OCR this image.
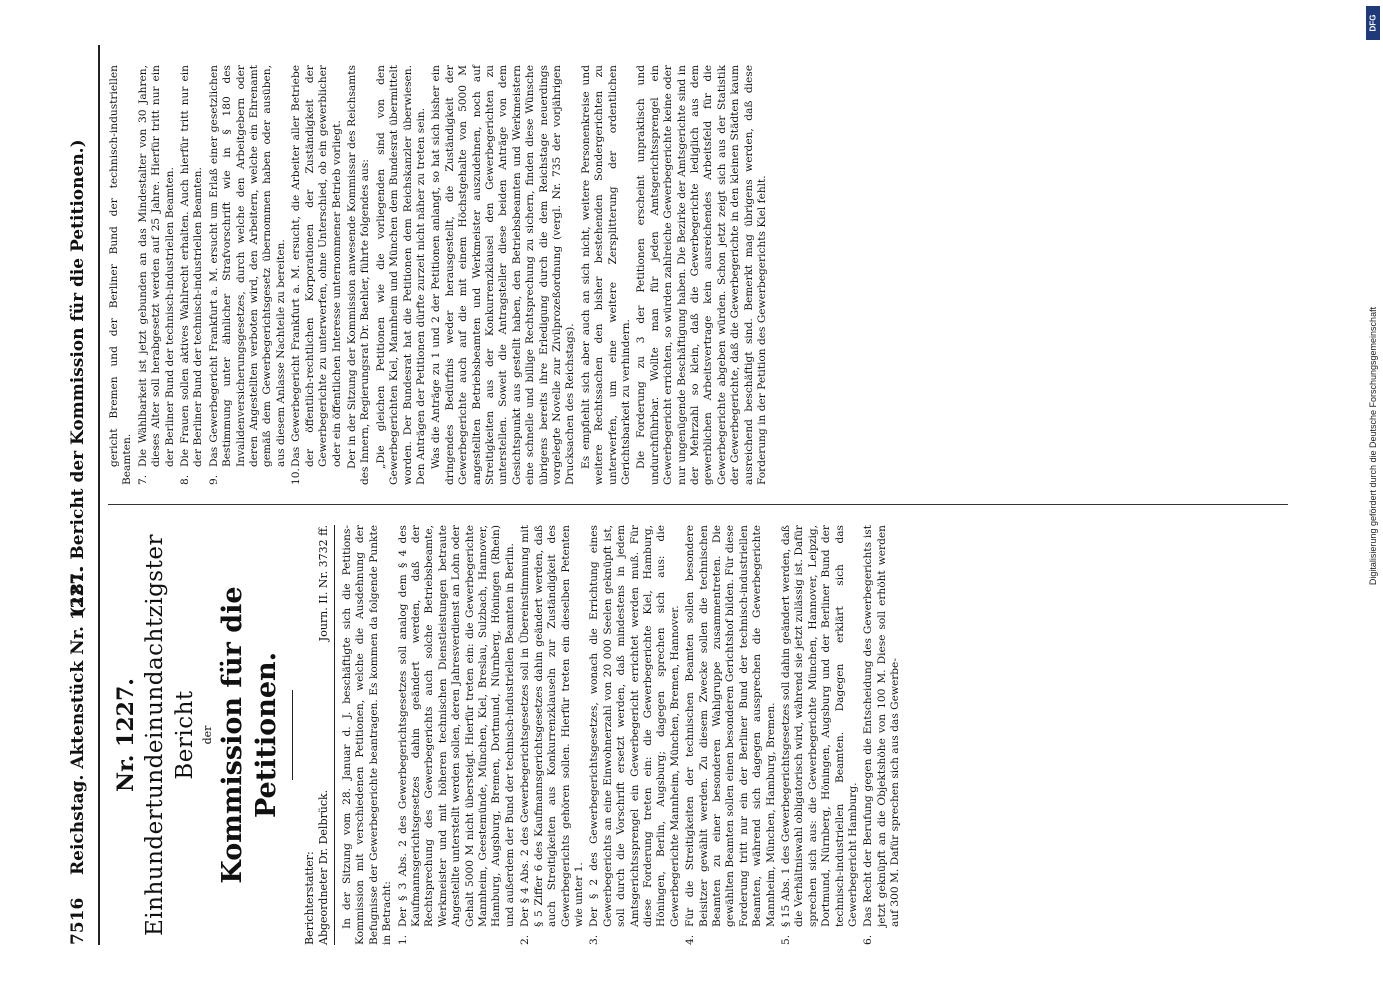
7516
Reichstag. Aktenstück Nr. 1227.
(181. Bericht der Kommission für die Petitionen.)
Nr. 1227. Einhundertundeinundachtzigster Bericht der Kommission für die Petitionen.
Berichterstatter: Abgeordneter Dr. Delbrück.
Journ. II. Nr. 3732 ff. In der Sitzung vom 28. Januar d. J. beschäftigte sich die Petitions-Kommission mit verschiedenen Petitionen, welche die Ausdehnung der Befugnisse der Gewerbegerichte beantragen. Es kommen da folgende Punkte in Betracht: 1.
Der § 3 Abs. 2 des Gewerbegerichtsgesetzes soll analog dem § 4 des Kaufmannsgerichtsgesetzes dahin geändert werden, daß der Rechtsprechung des Gewerbegerichts auch solche Betriebsbeamte, Werkmeister und mit höheren technischen Dienstleistungen betraute Angestellte unterstellt werden sollen, deren Jahresverdienst an Lohn oder Gehalt 5000 M nicht übersteigt. Hierfür treten ein: die Gewerbegerichte Mannheim, Geestemünde, München, Kiel, Breslau, Sulzbach, Hannover, Hamburg, Augsburg, Bremen, Dortmund, Nürnberg, Höningen (Rhein) und außerdem der Bund der technisch-industriellen Beamten in Berlin.
2.
Der § 4 Abs. 2 des Gewerbegerichtsgesetzes soll in Übereinstimmung mit § 5 Ziffer 6 des Kaufmannsgerichtsgesetzes dahin geändert werden, daß auch Streitigkeiten aus Konkurrenzklauseln zur Zuständigkeit des Gewerbegerichts gehören sollen. Hierfür treten ein dieselben Petenten wie unter 1.
3.
Der § 2 des Gewerbegerichtsgesetzes, wonach die Errichtung eines Gewerbegerichts an eine Einwohnerzahl von 20 000 Seelen geknüpft ist, soll durch die Vorschrift ersetzt werden, daß mindestens in jedem Amtsgerichtssprengel ein Gewerbegericht errichtet werden muß. Für diese Forderung treten ein: die Gewerbegerichte Kiel, Hamburg, Höningen, Berlin, Augsburg; dagegen sprechen sich aus: die Gewerbegerichte Mannheim, München, Bremen, Hannover.
4.
Für die Streitigkeiten der technischen Beamten sollen besondere Beisitzer gewählt werden. Zu diesem Zwecke sollen die technischen Beamten zu einer besonderen Wahlgruppe zusammentreten. Die gewählten Beamten sollen einen besonderen Gerichtshof bilden. Für diese Forderung tritt nur ein der Berliner Bund der technisch-industriellen Beamten, während sich dagegen aussprechen die Gewerbegerichte Mannheim, München, Hamburg, Bremen.
5.
§ 15 Abs. 1 des Gewerbegerichtsgesetzes soll dahin geändert werden, daß die Verhältniswahl obligatorisch wird, während sie jetzt zulässig ist. Dafür sprechen sich aus: die Gewerbegerichte München, Hannover, Leipzig, Dortmund, Nürnberg, Höningen, Augsburg und der Berliner Bund der technisch-industriellen Beamten. Dagegen erklärt sich das Gewerbegericht Hamburg.
6.
Das Recht der Berufung gegen die Entscheidung des Gewerbegerichts ist jetzt geknüpft an die Objektshöhe von 100 M. Diese soll erhöht werden auf 300 M. Dafür sprechen sich aus das Gewerbe-

gericht Bremen und der Berliner Bund der technisch-industriellen Beamten. 7.
Die Wählbarkeit ist jetzt gebunden an das Mindestalter von 30 Jahren, dieses Alter soll herabgesetzt werden auf 25 Jahre. Hierfür tritt nur ein der Berliner Bund der technisch-industriellen Beamten.
8.
Die Frauen sollen aktives Wahlrecht erhalten. Auch hierfür tritt nur ein der Berliner Bund der technisch-industriellen Beamten.
9.
Das Gewerbegericht Frankfurt a. M. ersucht um Erlaß einer gesetzlichen Bestimmung unter ähnlicher Strafvorschrift wie in § 180 des Invalidenversicherungsgesetzes, durch welche den Arbeitgebern oder deren Angestellten verboten wird, den Arbeitern, welche ein Ehrenamt gemäß dem Gewerbegerichtsgesetz übernommen haben oder ausüben, aus diesem Anlasse Nachteile zu bereiten.
10.
Das Gewerbegericht Frankfurt a. M. ersucht, die Arbeiter aller Betriebe der öffentlich-rechtlichen Korporationen der Zuständigkeit der Gewerbegerichte zu unterwerfen, ohne Unterschied, ob ein gewerblicher oder ein öffentlichen Interesse unternommener Betrieb vorliegt. Der in der Sitzung der Kommission anwesende Kommissar des Reichsamts des Innern, Regierungsrat Dr. Baehler, führte folgendes aus: „Die gleichen Petitionen wie die vorliegenden sind von den Gewerbegerichten Kiel, Mannheim und München dem Bundesrat übermittelt worden. Der Bundesrat hat die Petitionen dem Reichskanzler überwiesen. Den Anträgen der Petitionen dürfte zurzeit nicht näher zu treten sein. Was die Anträge zu 1 und 2 der Petitionen anlangt, so hat sich bisher ein dringendes Bedürfnis weder herausgestellt, die Zuständigkeit der Gewerbegerichte auch auf die mit einem Höchstgehalte von 5000 M angestellten Betriebsbeamten und Werkmeister auszudehnen, noch auf Streitigkeiten aus der Konkurrenzklausel den Gewerbegerichten zu unterstellen. Soweit die Antragsteller diese beiden Anträge von dem Gesichtspunkt aus gestellt haben, den Betriebsbeamten und Werkmeistern eine schnelle und billige Rechtsprechung zu sichern, finden diese Wünsche übrigens bereits ihre Erledigung durch die dem Reichstage neuerdings vorgelegte Novelle zur Zivilprozeßordnung (vergl. Nr. 735 der vorjährigen Drucksachen des Reichstags). Es empfiehlt sich aber auch an sich nicht, weitere Personenkreise und weitere Rechtssachen den bisher bestehenden Sondergerichten zu unterwerfen, um eine weitere Zersplitterung der ordentlichen Gerichtsbarkeit zu verhindern. Die Forderung zu 3 der Petitionen erscheint unpraktisch und undurchführbar. Wollte man für jeden Amtsgerichtssprengel ein Gewerbegericht errichten, so würden zahlreiche Gewerbegerichte keine oder nur ungenügende Beschäftigung haben. Die Bezirke der Amtsgerichte sind in der Mehrzahl so klein, daß die Gewerbegerichte lediglich aus dem gewerblichen Arbeitsvertrage kein ausreichendes Arbeitsfeld für die Gewerbegerichte abgeben würden. Schon jetzt zeigt sich aus der Statistik der Gewerbegerichte, daß die Gewerbegerichte in den kleinen Städten kaum ausreichend beschäftigt sind. Bemerkt mag übrigens werden, daß diese Forderung in der Petition des Gewerbegerichts Kiel fehlt.

DFG
Digitalisierung gefördert durch die Deutsche Forschungsgemeinschaft
